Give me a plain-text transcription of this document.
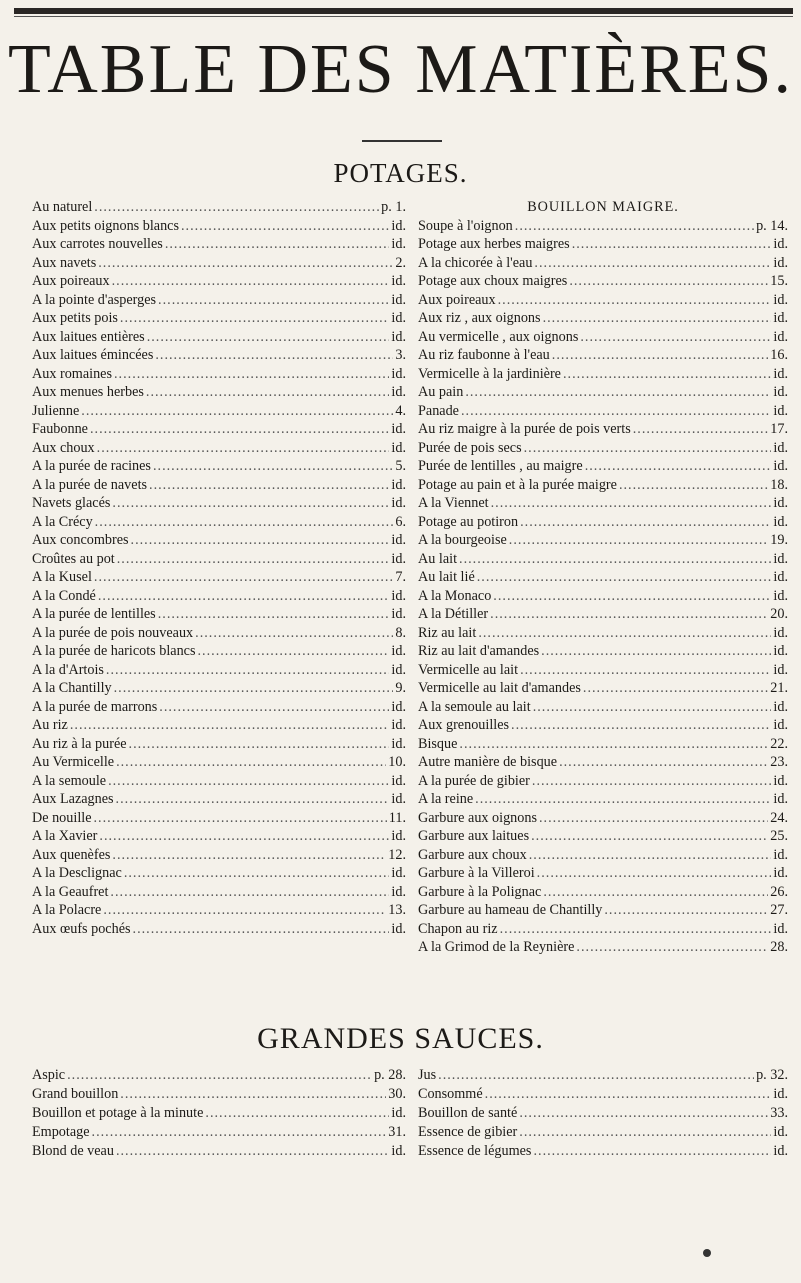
TABLE DES MATIÈRES.
POTAGES.
Au naturel .....	p. 1.
Aux petits oignons blancs .....	id.
Aux carrotes nouvelles .....	id.
Aux navets .....	2.
Aux poireaux .....	id.
A la pointe d'asperges .....	id.
Aux petits pois .....	id.
Aux laitues entières .....	id.
Aux laitues émincées .....	3.
Aux romaines .....	id.
Aux menues herbes .....	id.
Julienne .....	4.
Faubonne .....	id.
Aux choux .....	id.
A la purée de racines .....	5.
A la purée de navets .....	id.
Navets glacés .....	id.
A la Crécy .....	6.
Aux concombres .....	id.
Croûtes au pot .....	id.
A la Kusel .....	7.
A la Condé .....	id.
A la purée de lentilles .....	id.
A la purée de pois nouveaux .....	8.
A la purée de haricots blancs .....	id.
A la d'Artois .....	id.
A la Chantilly .....	9.
A la purée de marrons .....	id.
Au riz .....	id.
Au riz à la purée .....	id.
Au Vermicelle .....	10.
A la semoule .....	id.
Aux Lazagnes .....	id.
De nouille .....	11.
A la Xavier .....	id.
Aux quenèfes .....	12.
A la Desclignac .....	id.
A la Geaufret .....	id.
A la Polacre .....	13.
Aux œufs pochés .....	id.
BOUILLON MAIGRE.
Soupe à l'oignon .....	p. 14.
Potage aux herbes maigres .....	id.
A la chicorée à l'eau .....	id.
Potage aux choux maigres .....	15.
Aux poireaux .....	id.
Aux riz , aux oignons .....	id.
Au vermicelle , aux oignons .....	id.
Au riz faubonne à l'eau .....	16.
Vermicelle à la jardinière .....	id.
Au pain .....	id.
Panade .....	id.
Au riz maigre à la purée de pois verts .....	17.
Purée de pois secs .....	id.
Purée de lentilles , au maigre .....	id.
Potage au pain et à la purée maigre .....	18.
A la Viennet .....	id.
Potage au potiron .....	id.
A la bourgeoise .....	19.
Au lait .....	id.
Au lait lié .....	id.
A la Monaco .....	id.
A la Détiller .....	20.
Riz au lait .....	id.
Riz au lait d'amandes .....	id.
Vermicelle au lait .....	id.
Vermicelle au lait d'amandes .....	21.
A la semoule au lait .....	id.
Aux grenouilles .....	id.
Bisque .....	22.
Autre manière de bisque .....	23.
A la purée de gibier .....	id.
A la reine .....	id.
Garbure aux oignons .....	24.
Garbure aux laitues .....	25.
Garbure aux choux .....	id.
Garbure à la Villeroi .....	id.
Garbure à la Polignac .....	26.
Garbure au hameau de Chantilly .....	27.
Chapon au riz .....	id.
A la Grimod de la Reynière .....	28.
GRANDES SAUCES.
Aspic .....	p. 28.
Grand bouillon .....	30.
Bouillon et potage à la minute .....	id.
Empotage .....	31.
Blond de veau .....	id.
Jus .....	p. 32.
Consommé .....	id.
Bouillon de santé .....	33.
Essence de gibier .....	id.
Essence de légumes .....	id.
